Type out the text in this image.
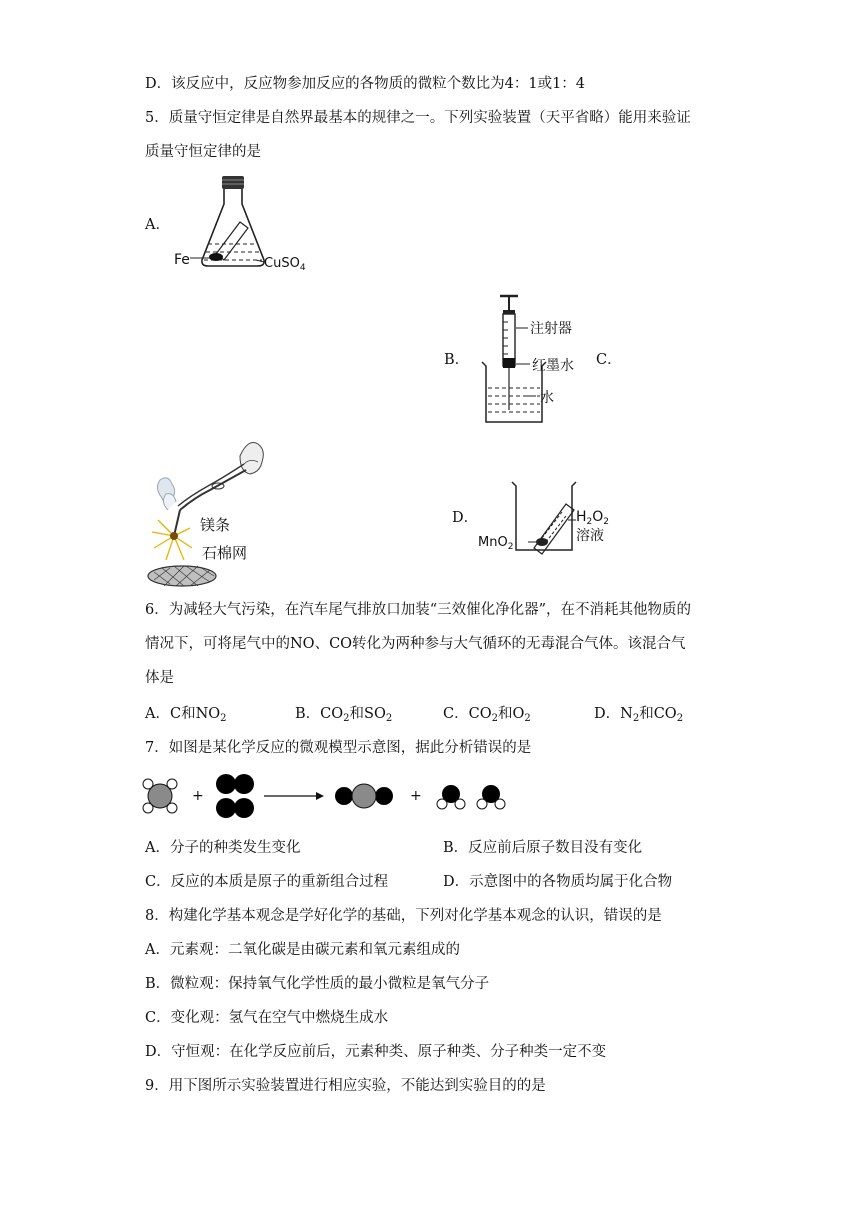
D．该反应中，反应物参加反应的各物质的微粒个数比为4：1或1：4
5．质量守恒定律是自然界最基本的规律之一。下列实验装置（天平省略）能用来验证
质量守恒定律的是
A．
Fe	CuSO$_4$
B．
注射器
红墨水
水
C．
镁条
石棉网
D．	$H_2O_2$
溶液
MnO$_2$
6．为减轻大气污染，在汽车尾气排放口加装“三效催化净化器”，在不消耗其他物质的
情况下，可将尾气中的NO、CO转化为两种参与大气循环的无毒混合气体。该混合气
体是
A．C和$NO_2$	B．$CO_2$和$SO_2$	C．$CO_2$和$O_2$	D．$N_2$和$CO_2$
7．如图是某化学反应的微观模型示意图，据此分析错误的是
+	+
A．分子的种类发生变化	B．反应前后原子数目没有变化
C．反应的本质是原子的重新组合过程	D．示意图中的各物质均属于化合物
8．构建化学基本观念是学好化学的基础，下列对化学基本观念的认识，错误的是
A．元素观：二氧化碳是由碳元素和氧元素组成的
B．微粒观：保持氧气化学性质的最小微粒是氧气分子
C．变化观：氢气在空气中燃烧生成水
D．守恒观：在化学反应前后，元素种类、原子种类、分子种类一定不变
9．用下图所示实验装置进行相应实验，不能达到实验目的的是
